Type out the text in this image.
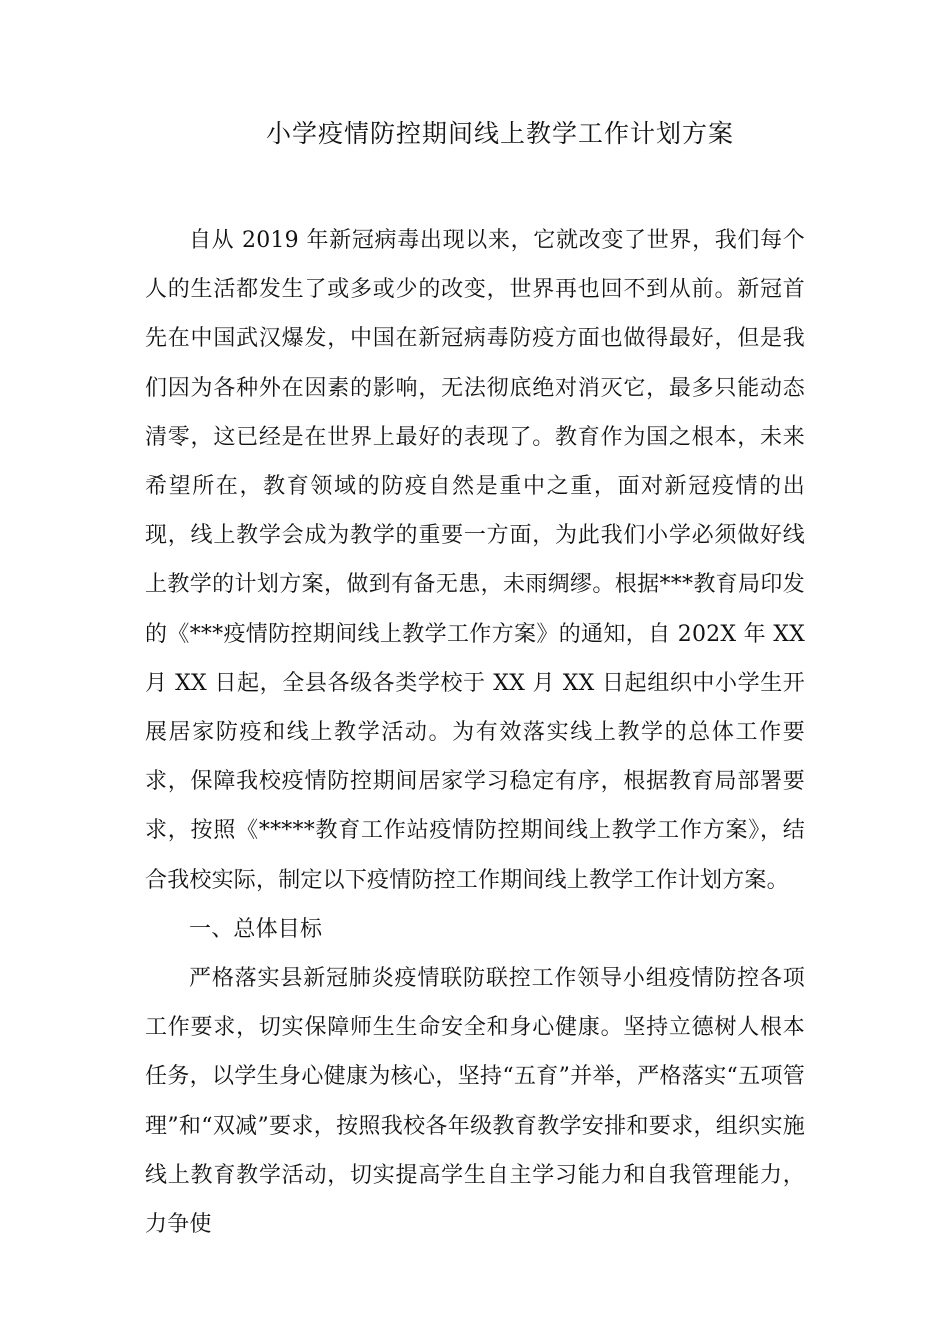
小学疫情防控期间线上教学工作计划方案

自从 2019 年新冠病毒出现以来，它就改变了世界，我们每个人的生活都发生了或多或少的改变，世界再也回不到从前。新冠首先在中国武汉爆发，中国在新冠病毒防疫方面也做得最好，但是我们因为各种外在因素的影响，无法彻底绝对消灭它，最多只能动态清零，这已经是在世界上最好的表现了。教育作为国之根本，未来希望所在，教育领域的防疫自然是重中之重，面对新冠疫情的出现，线上教学会成为教学的重要一方面，为此我们小学必须做好线上教学的计划方案，做到有备无患，未雨绸缪。根据***教育局印发的《***疫情防控期间线上教学工作方案》的通知，自 202X 年 XX 月 XX 日起，全县各级各类学校于 XX 月 XX 日起组织中小学生开展居家防疫和线上教学活动。为有效落实线上教学的总体工作要求，保障我校疫情防控期间居家学习稳定有序，根据教育局部署要求，按照《*****教育工作站疫情防控期间线上教学工作方案》，结合我校实际，制定以下疫情防控工作期间线上教学工作计划方案。

一、总体目标

严格落实县新冠肺炎疫情联防联控工作领导小组疫情防控各项工作要求，切实保障师生生命安全和身心健康。坚持立德树人根本任务，以学生身心健康为核心，坚持“五育”并举，严格落实“五项管理”和“双减”要求，按照我校各年级教育教学安排和要求，组织实施线上教育教学活动，切实提高学生自主学习能力和自我管理能力，力争使
